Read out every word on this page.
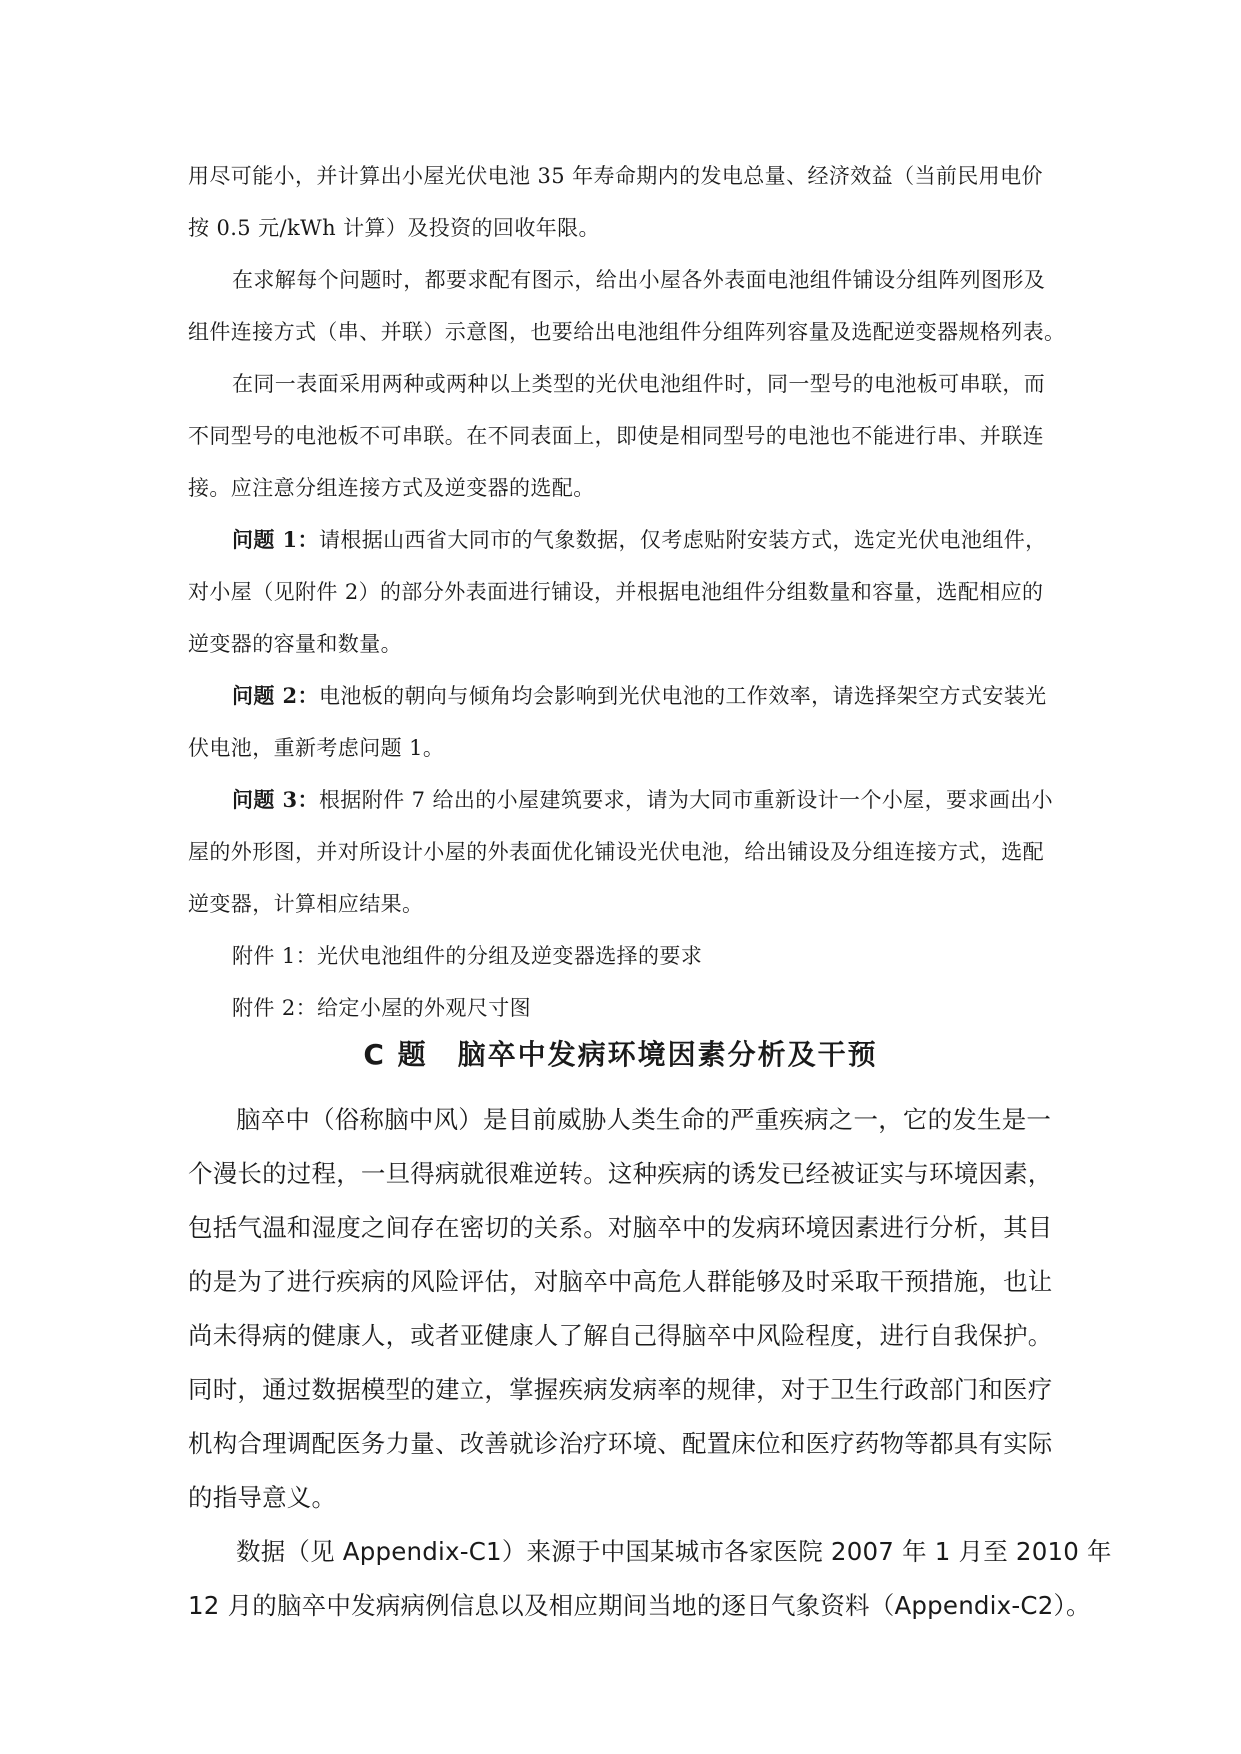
用尽可能小，并计算出小屋光伏电池 35 年寿命期内的发电总量、经济效益（当前民用电价
按 0.5 元/kWh 计算）及投资的回收年限。
在求解每个问题时，都要求配有图示，给出小屋各外表面电池组件铺设分组阵列图形及
组件连接方式（串、并联）示意图，也要给出电池组件分组阵列容量及选配逆变器规格列表。
在同一表面采用两种或两种以上类型的光伏电池组件时，同一型号的电池板可串联，而
不同型号的电池板不可串联。在不同表面上，即使是相同型号的电池也不能进行串、并联连
接。应注意分组连接方式及逆变器的选配。
问题 1：请根据山西省大同市的气象数据，仅考虑贴附安装方式，选定光伏电池组件，
对小屋（见附件 2）的部分外表面进行铺设，并根据电池组件分组数量和容量，选配相应的
逆变器的容量和数量。
问题 2：电池板的朝向与倾角均会影响到光伏电池的工作效率，请选择架空方式安装光
伏电池，重新考虑问题 1。
问题 3：根据附件 7 给出的小屋建筑要求，请为大同市重新设计一个小屋，要求画出小
屋的外形图，并对所设计小屋的外表面优化铺设光伏电池，给出铺设及分组连接方式，选配
逆变器，计算相应结果。
附件 1：光伏电池组件的分组及逆变器选择的要求
附件 2：给定小屋的外观尺寸图
C 题 脑卒中发病环境因素分析及干预
脑卒中（俗称脑中风）是目前威胁人类生命的严重疾病之一，它的发生是一
个漫长的过程，一旦得病就很难逆转。这种疾病的诱发已经被证实与环境因素，
包括气温和湿度之间存在密切的关系。对脑卒中的发病环境因素进行分析，其目
的是为了进行疾病的风险评估，对脑卒中高危人群能够及时采取干预措施，也让
尚未得病的健康人，或者亚健康人了解自己得脑卒中风险程度，进行自我保护。
同时，通过数据模型的建立，掌握疾病发病率的规律，对于卫生行政部门和医疗
机构合理调配医务力量、改善就诊治疗环境、配置床位和医疗药物等都具有实际
的指导意义。
数据（见 Appendix-C1）来源于中国某城市各家医院 2007 年 1 月至 2010 年
12 月的脑卒中发病病例信息以及相应期间当地的逐日气象资料（Appendix-C2）。
